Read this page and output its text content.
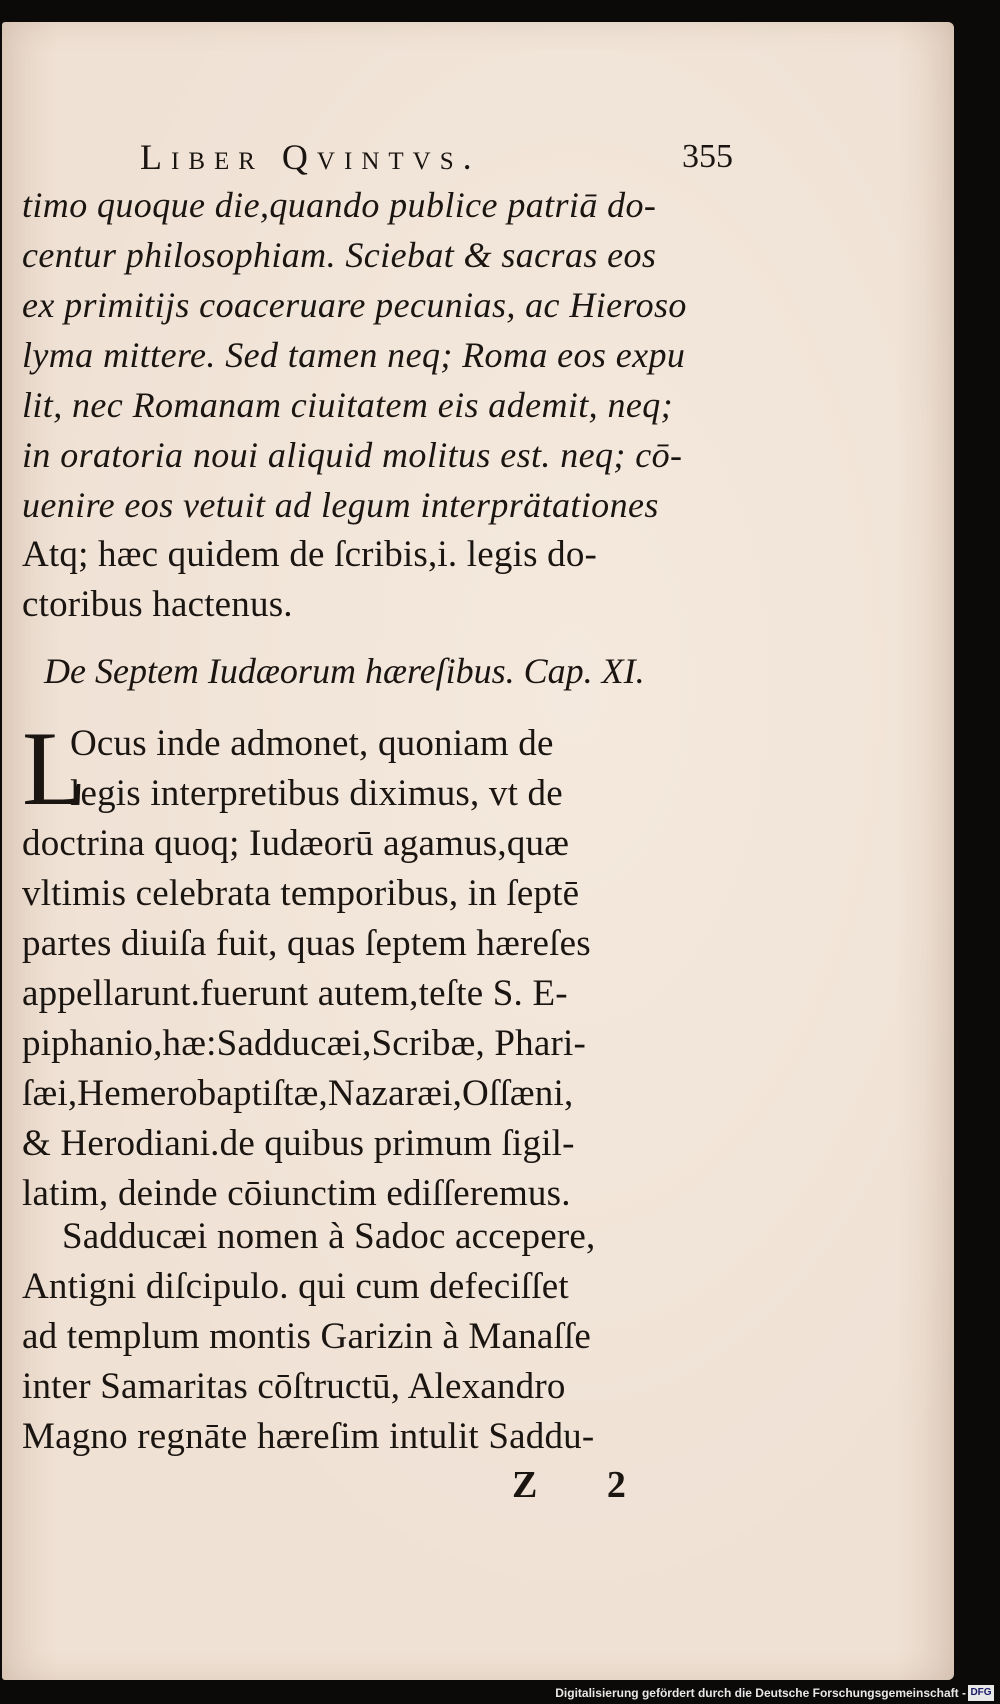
Liber Qvintvs.	355
timo quoque die,quando publice patriā do-
centur philosophiam. Sciebat & sacras eos
ex primitijs coaceruare pecunias, ac Hieroso
lyma mittere. Sed tamen neq; Roma eos expu
lit, nec Romanam ciuitatem eis ademit, neq;
in oratoria noui aliquid molitus est. neq; cō-
uenire eos vetuit ad legum interprätationes
Atq; hæc quidem de ſcribis,i. legis do-
ctoribus hactenus.
De Septem Iudæorum hæreſibus. Cap. XI.
L
Ocus inde admonet, quoniam de
legis interpretibus diximus, vt de
doctrina quoq; Iudæorū agamus,quæ
vltimis celebrata temporibus, in ſeptē
partes diuiſa fuit, quas ſeptem hæreſes
appellarunt.fuerunt autem,teſte S. E-
piphanio,hæ:Sadducæi,Scribæ, Phari-
ſæi,Hemerobaptiſtæ,Nazaræi,Oſſæni,
& Herodiani.de quibus primum ſigil-
latim, deinde cōiunctim ediſſeremus.
Sadducæi nomen à Sadoc accepere,
Antigni diſcipulo. qui cum defeciſſet
ad templum montis Garizin à Manaſſe
inter Samaritas cōſtructū, Alexandro
Magno regnāte hæreſim intulit Saddu-
Z 2
Digitalisierung gefördert durch die Deutsche Forschungsgemeinschaft - DFG
